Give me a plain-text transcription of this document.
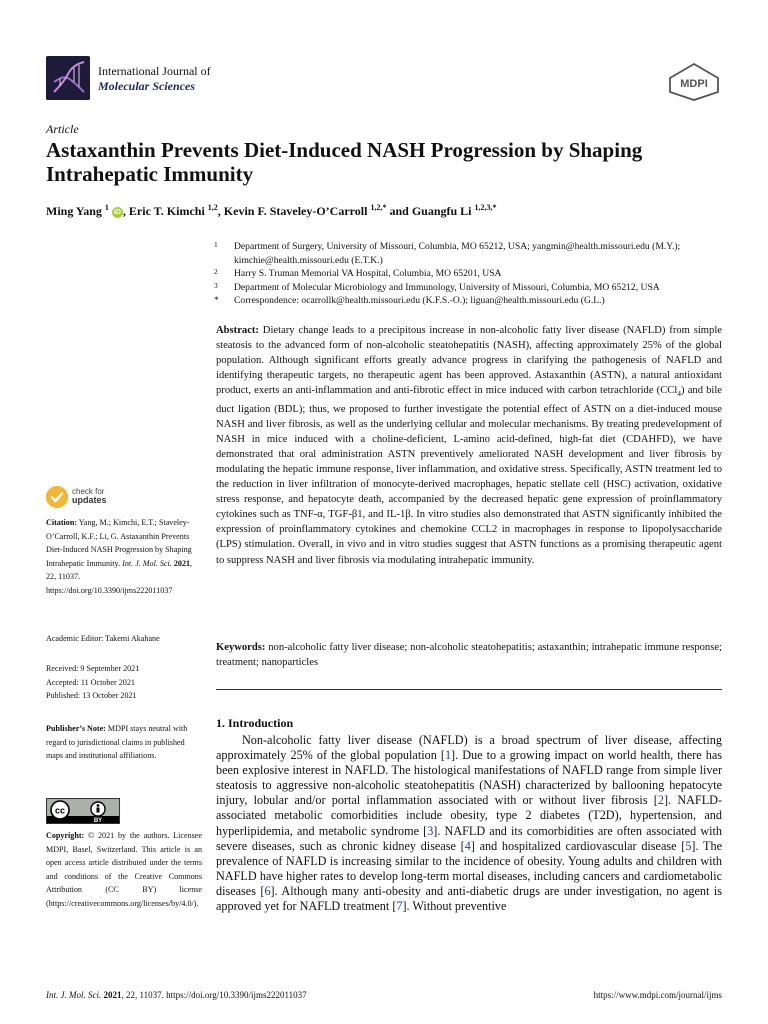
International Journal of
Molecular Sciences	MDPI
Article
Astaxanthin Prevents Diet-Induced NASH Progression by Shaping Intrahepatic Immunity
Ming Yang $^1$ iD , Eric T. Kimchi $^{1,2}$, Kevin F. Staveley-O’Carroll $^{1,2,*}$ and Guangfu Li $^{1,2,3,*}$
1 Department of Surgery, University of Missouri, Columbia, MO 65212, USA; yangmin@health.missouri.edu (M.Y.); kimchie@health.missouri.edu (E.T.K.)
2 Harry S. Truman Memorial VA Hospital, Columbia, MO 65201, USA
3 Department of Molecular Microbiology and Immunology, University of Missouri, Columbia, MO 65212, USA
* Correspondence: ocarrollk@health.missouri.edu (K.F.S.-O.); liguan@health.missouri.edu (G.L.)
Abstract: Dietary change leads to a precipitous increase in non-alcoholic fatty liver disease (NAFLD) from simple steatosis to the advanced form of non-alcoholic steatohepatitis (NASH), affecting approximately 25% of the global population. Although significant efforts greatly advance progress in clarifying the pathogenesis of NAFLD and identifying therapeutic targets, no therapeutic agent has been approved. Astaxanthin (ASTN), a natural antioxidant product, exerts an anti-inflammation and anti-fibrotic effect in mice induced with carbon tetrachloride (CCl$_4$) and bile duct ligation (BDL); thus, we proposed to further investigate the potential effect of ASTN on a diet-induced mouse NASH and liver fibrosis, as well as the underlying cellular and molecular mechanisms. By treating predevelopment of NASH in mice induced with a choline-deficient, L-amino acid-defined, high-fat diet (CDAHFD), we have demonstrated that oral administration ASTN preventively ameliorated NASH development and liver fibrosis by modulating the hepatic immune response, liver inflammation, and oxidative stress. Specifically, ASTN treatment led to the reduction in liver infiltration of monocyte-derived macrophages, hepatic stellate cell (HSC) activation, oxidative stress response, and hepatocyte death, accompanied by the decreased hepatic gene expression of proinflammatory cytokines such as TNF-α, TGF-β1, and IL-1β. In vitro studies also demonstrated that ASTN significantly inhibited the expression of proinflammatory cytokines and chemokine CCL2 in macrophages in response to lipopolysaccharide (LPS) stimulation. Overall, in vivo and in vitro studies suggest that ASTN functions as a promising therapeutic agent to suppress NASH and liver fibrosis via modulating intrahepatic immunity.
Keywords: non-alcoholic fatty liver disease; non-alcoholic steatohepatitis; astaxanthin; intrahepatic immune response; treatment; nanoparticles
check for
updates
Citation: Yang, M.; Kimchi, E.T.; Staveley-O’Carroll, K.F.; Li, G. Astaxanthin Prevents Diet-Induced NASH Progression by Shaping Intrahepatic Immunity. Int. J. Mol. Sci. 2021, 22, 11037. https://doi.org/10.3390/ijms222011037
Academic Editor: Takemi Akahane
Received: 9 September 2021
Accepted: 11 October 2021
Published: 13 October 2021
Publisher’s Note: MDPI stays neutral with regard to jurisdictional claims in published maps and institutional affiliations.
cc
BY
Copyright: © 2021 by the authors. Licensee MDPI, Basel, Switzerland. This article is an open access article distributed under the terms and conditions of the Creative Commons Attribution (CC BY) license (https://creativecommons.org/licenses/by/4.0/).
1. Introduction
Non-alcoholic fatty liver disease (NAFLD) is a broad spectrum of liver disease, affecting approximately 25% of the global population [1]. Due to a growing impact on world health, there has been explosive interest in NAFLD. The histological manifestations of NAFLD range from simple liver steatosis to aggressive non-alcoholic steatohepatitis (NASH) characterized by ballooning hepatocyte injury, lobular and/or portal inflammation associated with or without liver fibrosis [2]. NAFLD-associated metabolic comorbidities include obesity, type 2 diabetes (T2D), hypertension, and hyperlipidemia, and metabolic syndrome [3]. NAFLD and its comorbidities are often associated with severe diseases, such as chronic kidney disease [4] and hospitalized cardiovascular disease [5]. The prevalence of NAFLD is increasing similar to the incidence of obesity. Young adults and children with NAFLD have higher rates to develop long-term mortal diseases, including cancers and cardiometabolic diseases [6]. Although many anti-obesity and anti-diabetic drugs are under investigation, no agent is approved yet for NAFLD treatment [7]. Without preventive
Int. J. Mol. Sci. 2021, 22, 11037. https://doi.org/10.3390/ijms222011037	https://www.mdpi.com/journal/ijms
